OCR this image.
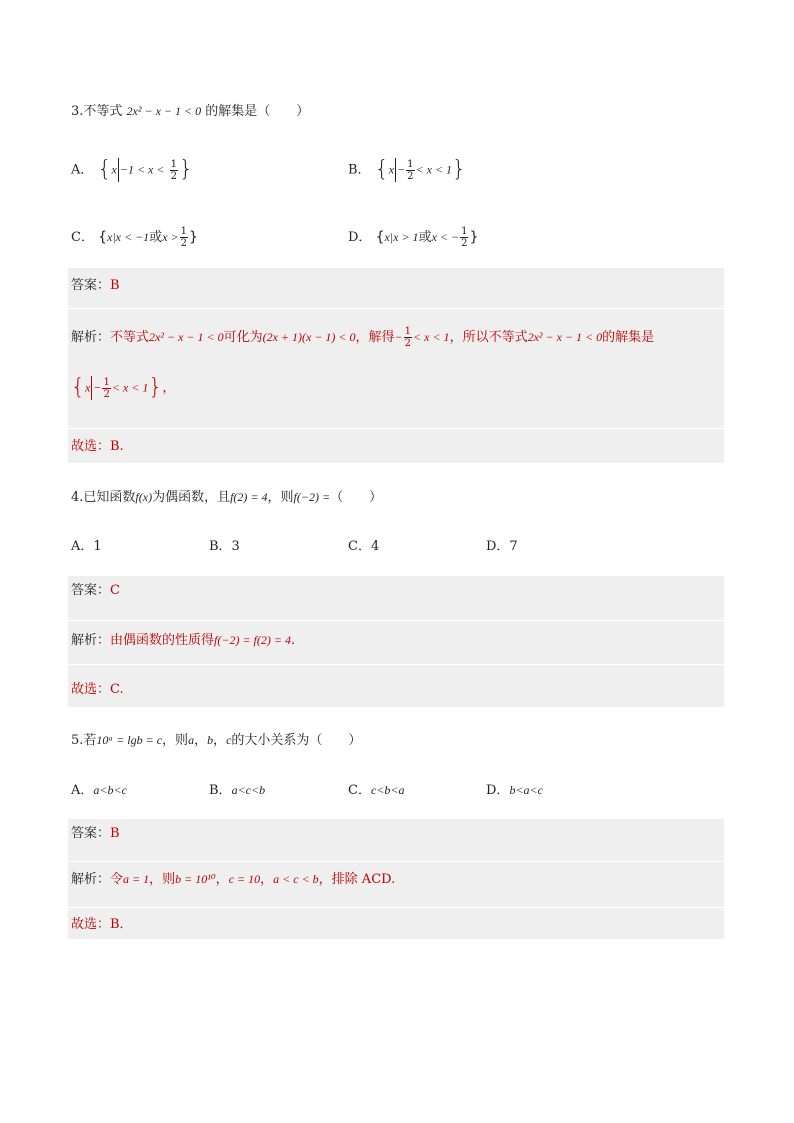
3.不等式 2x² − x − 1 < 0 的解集是（　　）
A． {$x -1 < x < \frac{1}{2}$ }	B． $\{x - \frac{1}{2} < x < 1\}$
C． {x|x < −1或$x > \frac{1}{2}$ }	D． {x|x > 1或x < − $\frac{1}{2}$ }
答案：B
解析：不等式2x² − x − 1 < 0可化为(2x + 1)(x − 1) < 0，解得− $\frac{1}{2} < x < 1$，所以不等式2x² − x − 1 < 0的解集是
$\{x - \frac{1}{2} < x < 1\}$，
故选：B.
4.已知函数f(x)为偶函数，且f(2) = 4，则f(−2) =（　　）
A．1	B．3	C．4	D．7
答案：C
解析：由偶函数的性质得f(−2) = f(2) = 4.
故选：C.
5.若10ᵃ = lgb = c，则a，b，c的大小关系为（　　）
A．a<b<c	B．a<c<b	C．c<b<a	D．b<a<c
答案：B
解析：令a = 1，则b = 10¹⁰，c = 10，a < c < b，排除 ACD.
故选：B．
